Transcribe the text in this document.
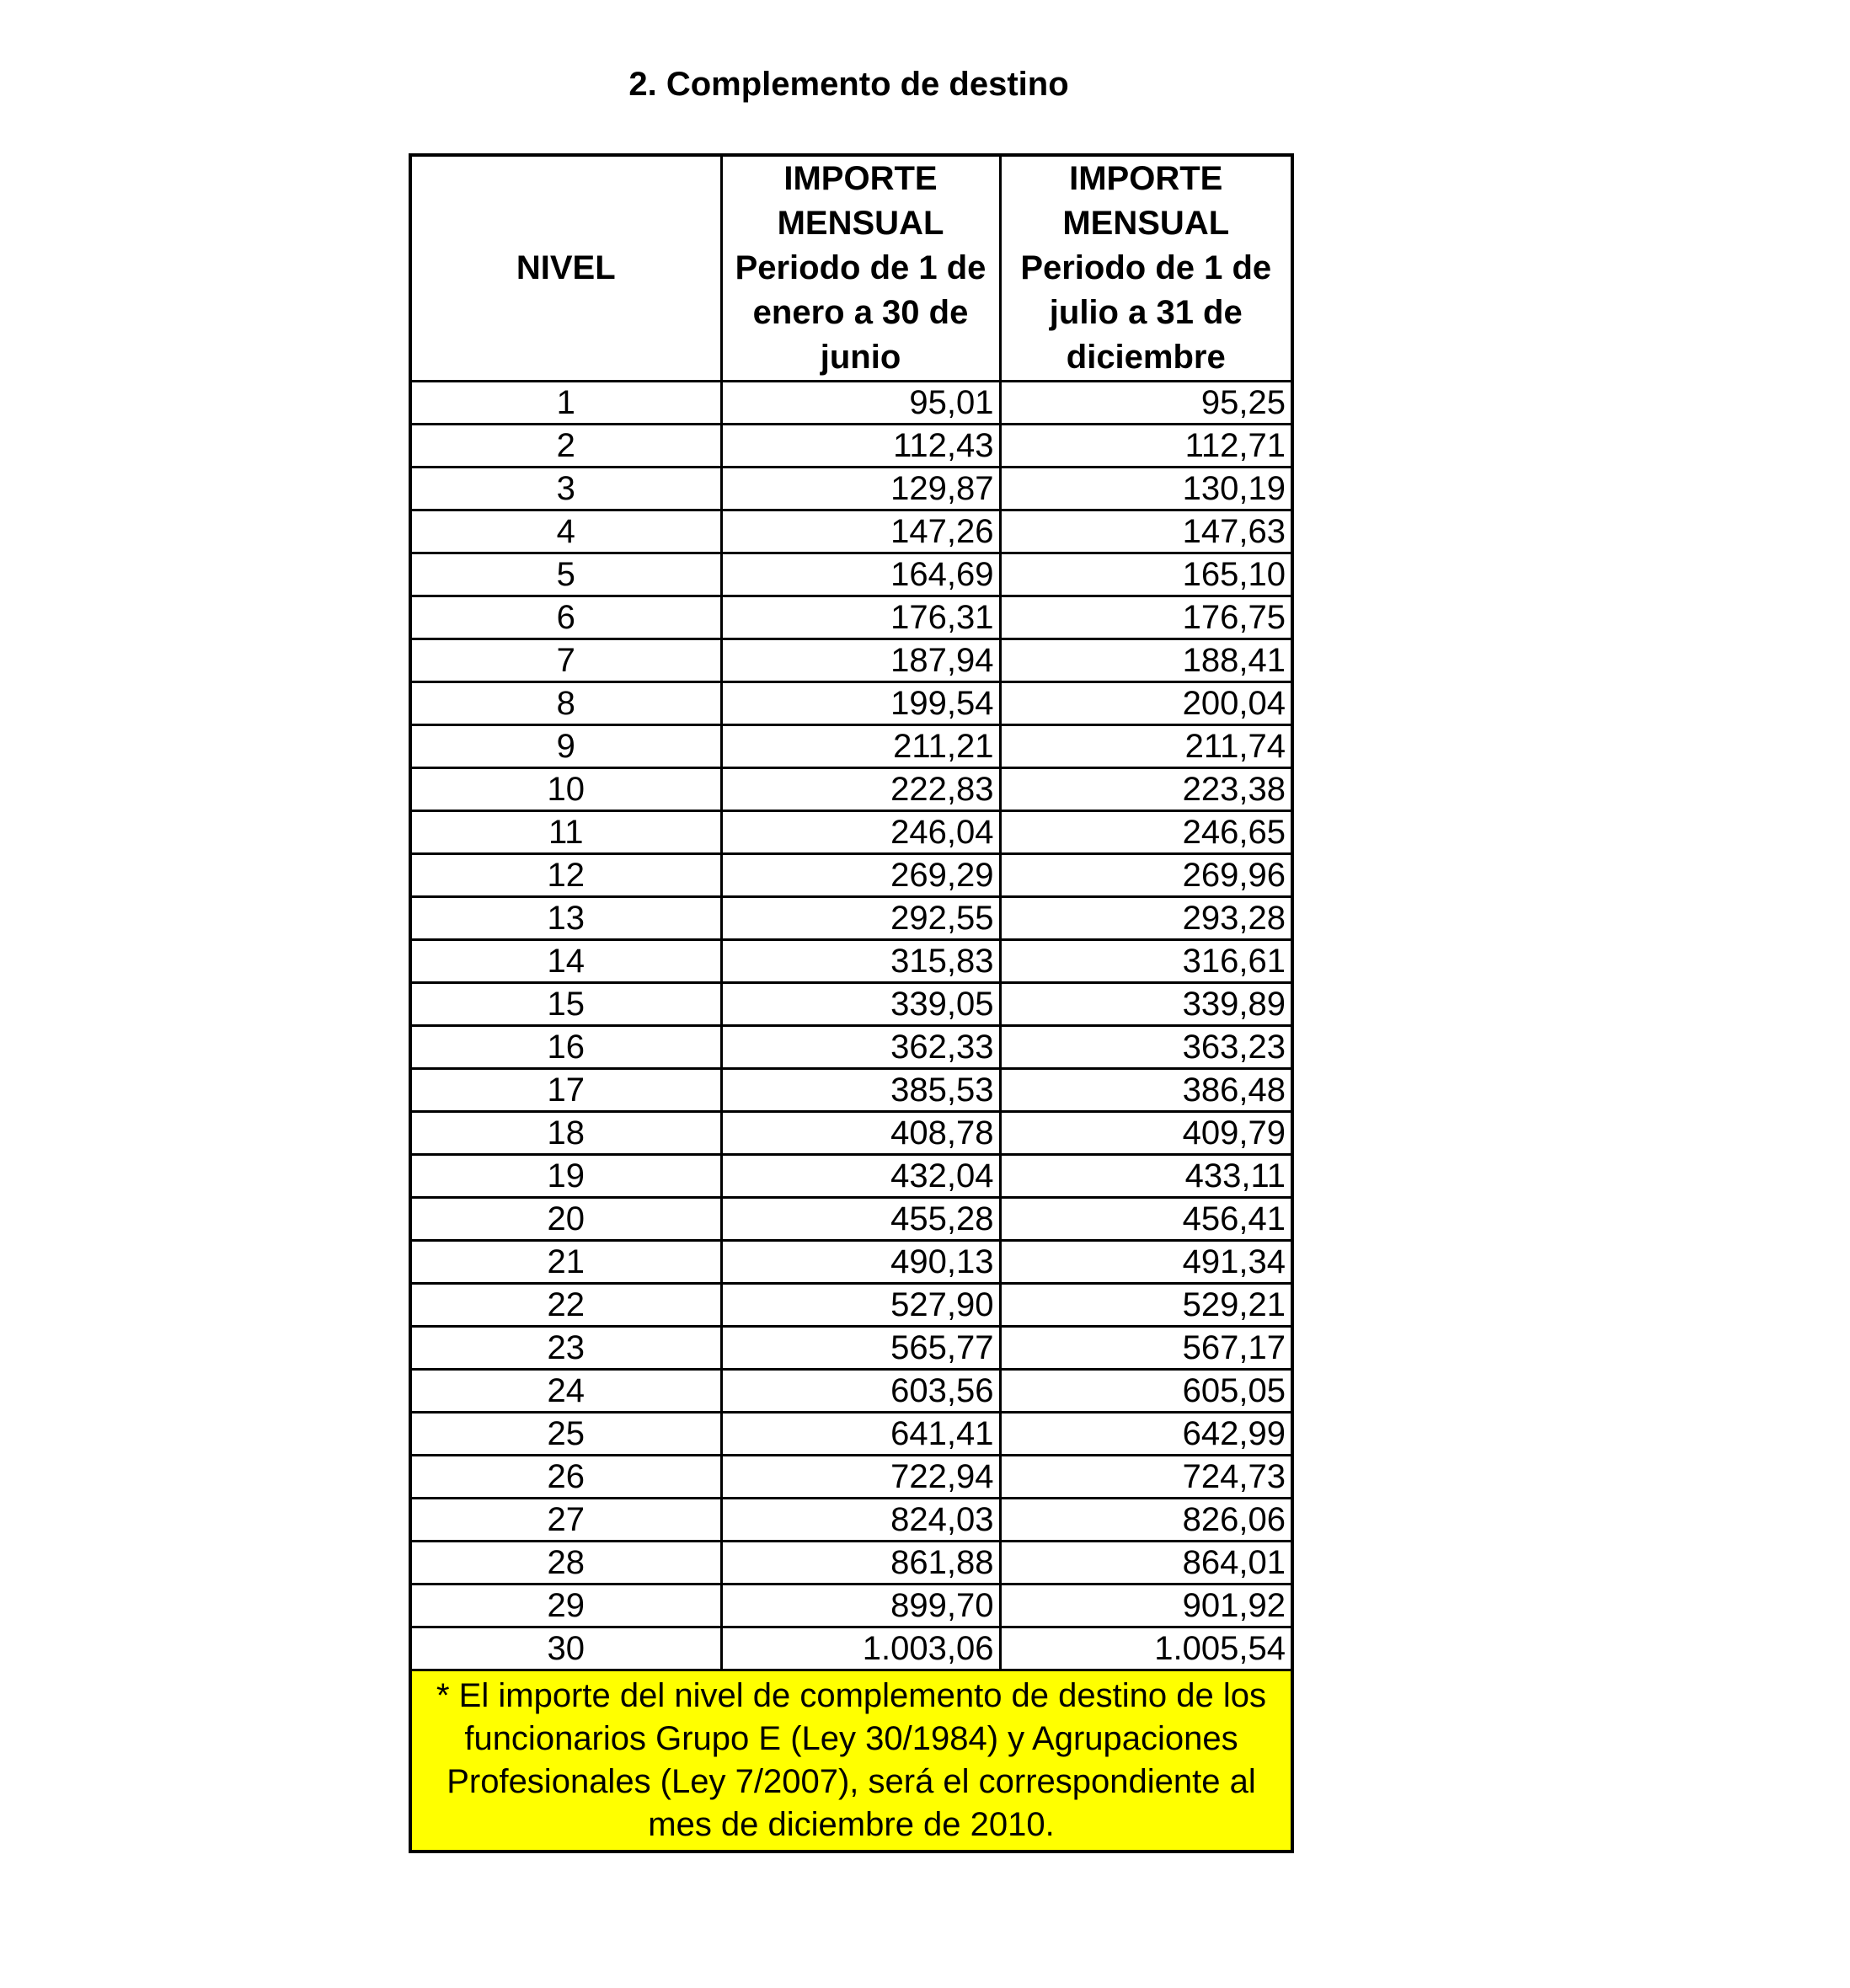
2. Complemento de destino
NIVEL	IMPORTE MENSUAL Periodo de 1 de enero a 30 de junio	IMPORTE MENSUAL Periodo de 1 de julio a 31 de diciembre

1	95,01	95,25
2	112,43	112,71
3	129,87	130,19
4	147,26	147,63
5	164,69	165,10
6	176,31	176,75
7	187,94	188,41
8	199,54	200,04
9	211,21	211,74
10	222,83	223,38
11	246,04	246,65
12	269,29	269,96
13	292,55	293,28
14	315,83	316,61
15	339,05	339,89
16	362,33	363,23
17	385,53	386,48
18	408,78	409,79
19	432,04	433,11
20	455,28	456,41
21	490,13	491,34
22	527,90	529,21
23	565,77	567,17
24	603,56	605,05
25	641,41	642,99
26	722,94	724,73
27	824,03	826,06
28	861,88	864,01
29	899,70	901,92
30	1.003,06	1.005,54
* El importe del nivel de complemento de destino de los funcionarios Grupo E (Ley 30/1984) y Agrupaciones Profesionales (Ley 7/2007), será el correspondiente al mes de diciembre de 2010.		
